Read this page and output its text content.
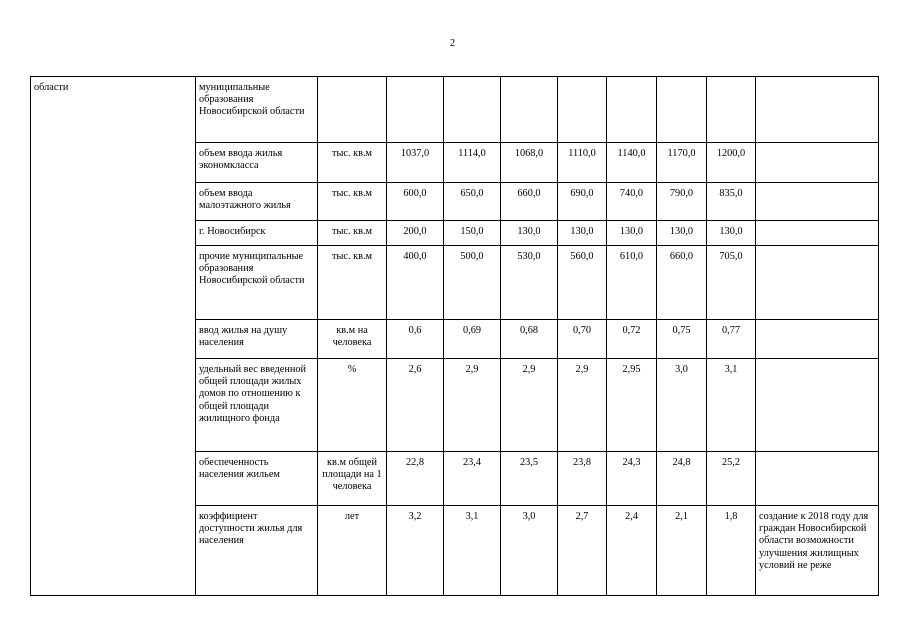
2
области	муниципальные образования Новосибирской области									
	объем ввода жилья экономкласса	тыс. кв.м	1037,0	1114,0	1068,0	1110,0	1140,0	1170,0	1200,0	
	объем ввода малоэтажного жилья	тыс. кв.м	600,0	650,0	660,0	690,0	740,0	790,0	835,0	
	г. Новосибирск	тыс. кв.м	200,0	150,0	130,0	130,0	130,0	130,0	130,0	
	прочие муниципальные образования Новосибирской области	тыс. кв.м	400,0	500,0	530,0	560,0	610,0	660,0	705,0	
	ввод жилья на душу населения	кв.м на человека	0,6	0,69	0,68	0,70	0,72	0,75	0,77	
	удельный вес введенной общей площади жилых домов по отношению к общей площади жилищного фонда	%	2,6	2,9	2,9	2,9	2,95	3,0	3,1	
	обеспеченность населения жильем	кв.м общей площади на 1 человека	22,8	23,4	23,5	23,8	24,3	24,8	25,2	
	коэффициент доступности жилья для населения	лет	3,2	3,1	3,0	2,7	2,4	2,1	1,8	создание к 2018 году для граждан Новосибирской области возможности улучшения жилищных условий не реже
